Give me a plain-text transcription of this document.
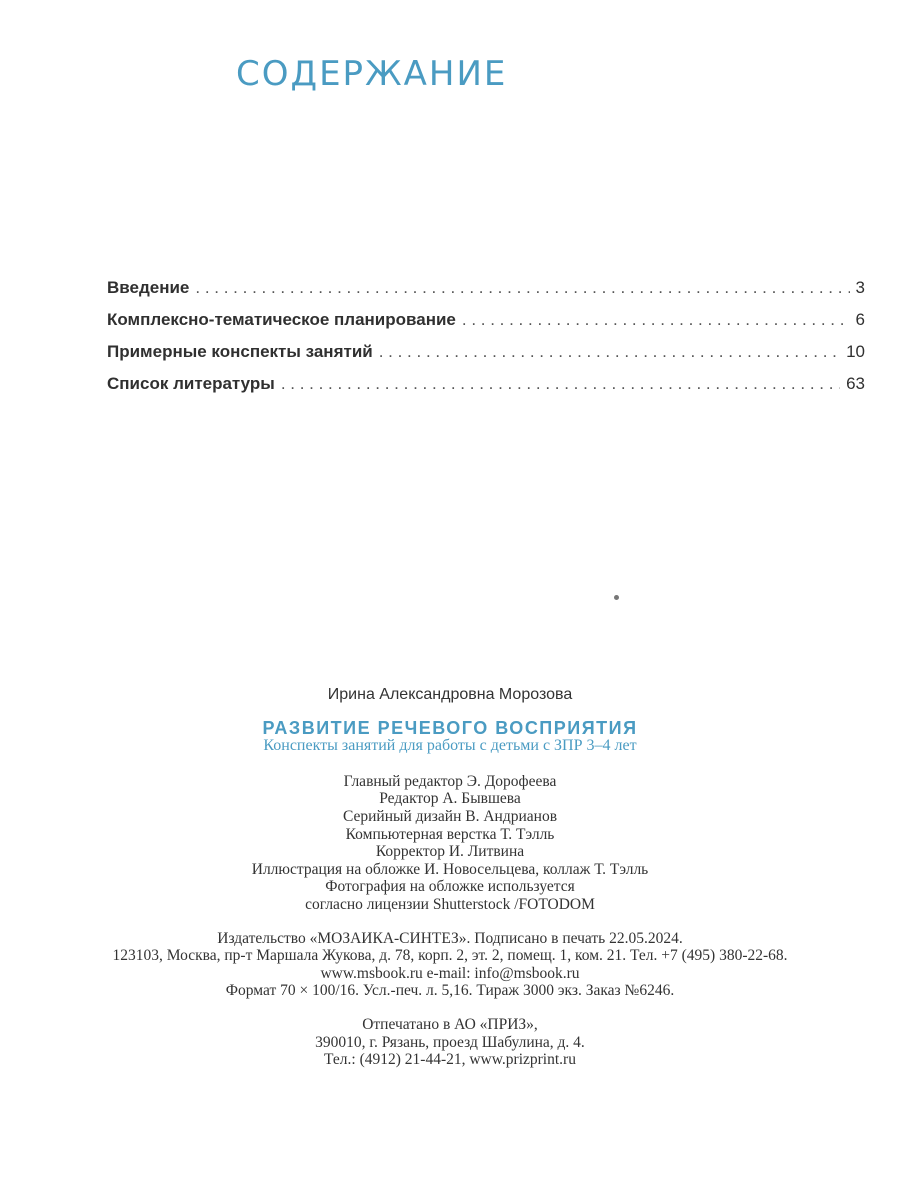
СОДЕРЖАНИЕ
Введение . . .	3
Комплексно-тематическое планирование . . .	6
Примерные конспекты занятий . . .	10
Список литературы . . .	63
Ирина Александровна Морозова
РАЗВИТИЕ РЕЧЕВОГО ВОСПРИЯТИЯ
Конспекты занятий для работы с детьми с ЗПР 3–4 лет
Главный редактор Э. Дорофеева
Редактор А. Бывшева
Серийный дизайн В. Андрианов
Компьютерная верстка Т. Тэлль
Корректор И. Литвина
Иллюстрация на обложке И. Новосельцева, коллаж Т. Тэлль
Фотография на обложке используется
согласно лицензии Shutterstock /FOTODOM
Издательство «МОЗАИКА-СИНТЕЗ». Подписано в печать 22.05.2024.
123103, Москва, пр-т Маршала Жукова, д. 78, корп. 2, эт. 2, помещ. 1, ком. 21. Тел. +7 (495) 380-22-68.
www.msbook.ru e-mail: info@msbook.ru
Формат 70 × 100/16. Усл.-печ. л. 5,16. Тираж 3000 экз. Заказ №6246.
Отпечатано в АО «ПРИЗ»,
390010, г. Рязань, проезд Шабулина, д. 4.
Тел.: (4912) 21-44-21, www.prizprint.ru
